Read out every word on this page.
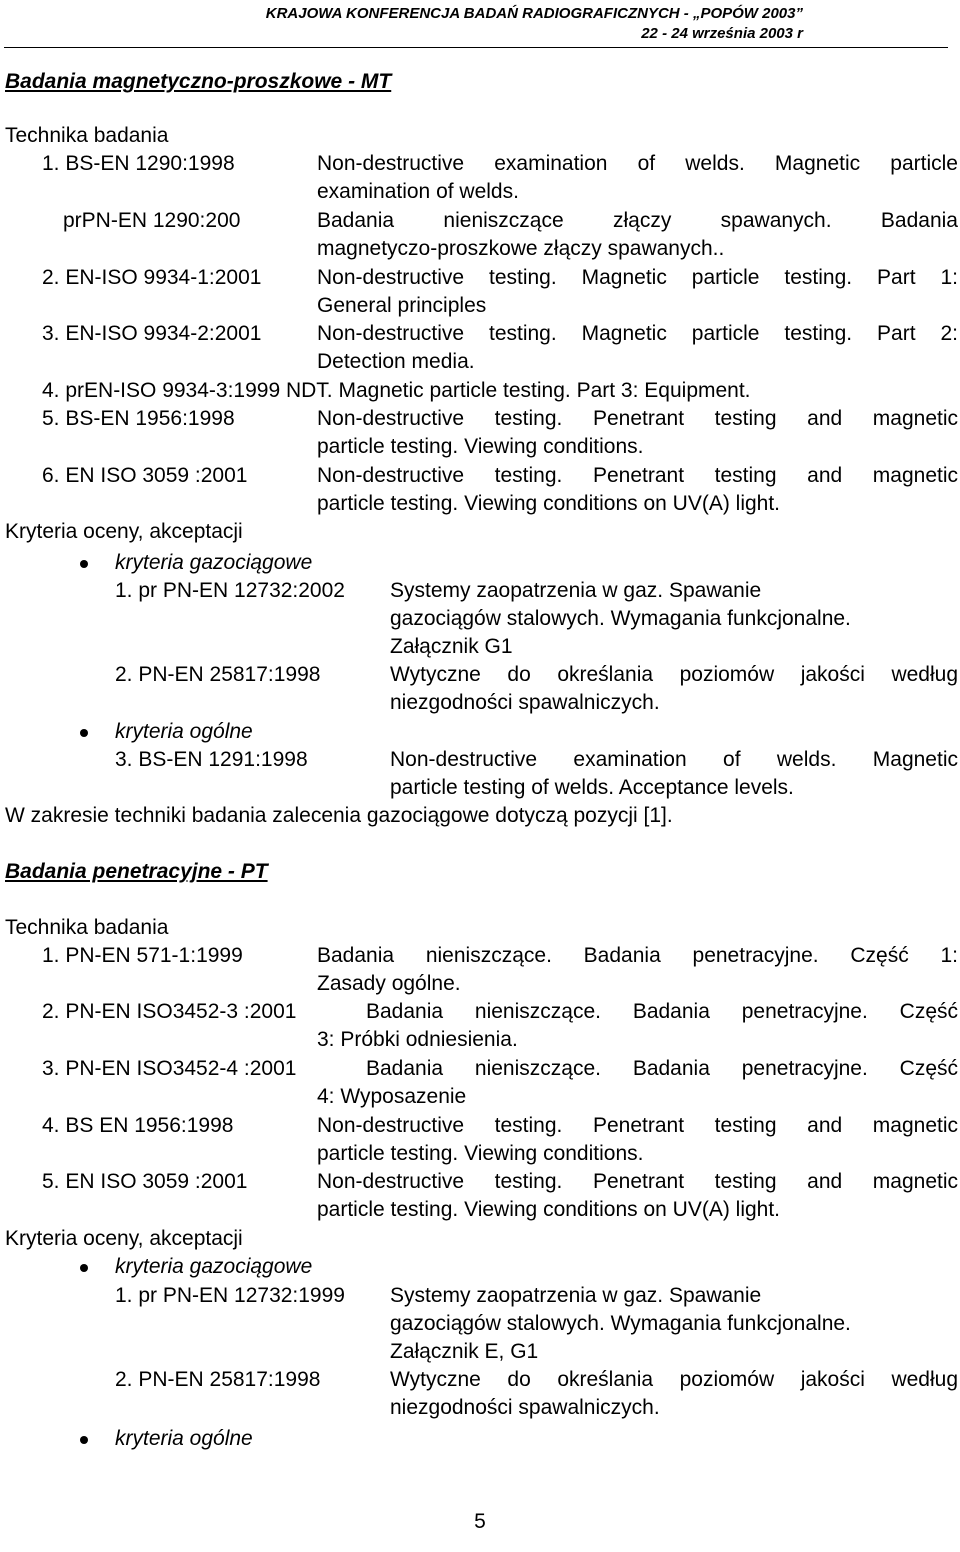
KRAJOWA KONFERENCJA BADAŃ RADIOGRAFICZNYCH - „POPÓW 2003”
22 - 24 września 2003 r
Badania magnetyczno-proszkowe - MT
Technika badania
1. BS-EN 1290:1998	Non-destructive examination of welds. Magnetic particle
examination of welds.
prPN-EN 1290:200	Badania nieniszczące złączy spawanych. Badania
magnetyczo-proszkowe złączy spawanych..
2. EN-ISO 9934-1:2001	Non-destructive testing. Magnetic particle testing. Part 1:
General principles
3. EN-ISO 9934-2:2001	Non-destructive testing. Magnetic particle testing. Part 2:
Detection media.
4. prEN-ISO 9934-3:1999 NDT. Magnetic particle testing. Part 3: Equipment.
5. BS-EN 1956:1998	Non-destructive testing. Penetrant testing and magnetic
particle testing. Viewing conditions.
6. EN ISO 3059 :2001	Non-destructive testing. Penetrant testing and magnetic
particle testing. Viewing conditions on UV(A) light.
Kryteria oceny, akceptacji
kryteria gazociągowe
1. pr PN-EN 12732:2002 Systemy zaopatrzenia w gaz. Spawanie
gazociągów stalowych. Wymagania funkcjonalne.
Załącznik G1
2. PN-EN 25817:1998	Wytyczne do określania poziomów jakości według
niezgodności spawalniczych.
kryteria ogólne
3. BS-EN 1291:1998	Non-destructive examination of welds. Magnetic
particle testing of welds. Acceptance levels.
W zakresie techniki badania zalecenia gazociągowe dotyczą pozycji [1].
Badania penetracyjne - PT
Technika badania
1. PN-EN 571-1:1999	Badania nieniszczące. Badania penetracyjne. Część 1:
Zasady ogólne.
2. PN-EN ISO3452-3 :2001	Badania nieniszczące. Badania penetracyjne. Część
3: Próbki odniesienia.
3. PN-EN ISO3452-4 :2001	Badania nieniszczące. Badania penetracyjne. Część
4: Wyposazenie
4. BS EN 1956:1998	Non-destructive testing. Penetrant testing and magnetic
particle testing. Viewing conditions.
5. EN ISO 3059 :2001	Non-destructive testing. Penetrant testing and magnetic
particle testing. Viewing conditions on UV(A) light.
Kryteria oceny, akceptacji
kryteria gazociągowe
1. pr PN-EN 12732:1999 Systemy zaopatrzenia w gaz. Spawanie
gazociągów stalowych. Wymagania funkcjonalne.
Załącznik E, G1
2. PN-EN 25817:1998	Wytyczne do określania poziomów jakości według
niezgodności spawalniczych.
kryteria ogólne
5
